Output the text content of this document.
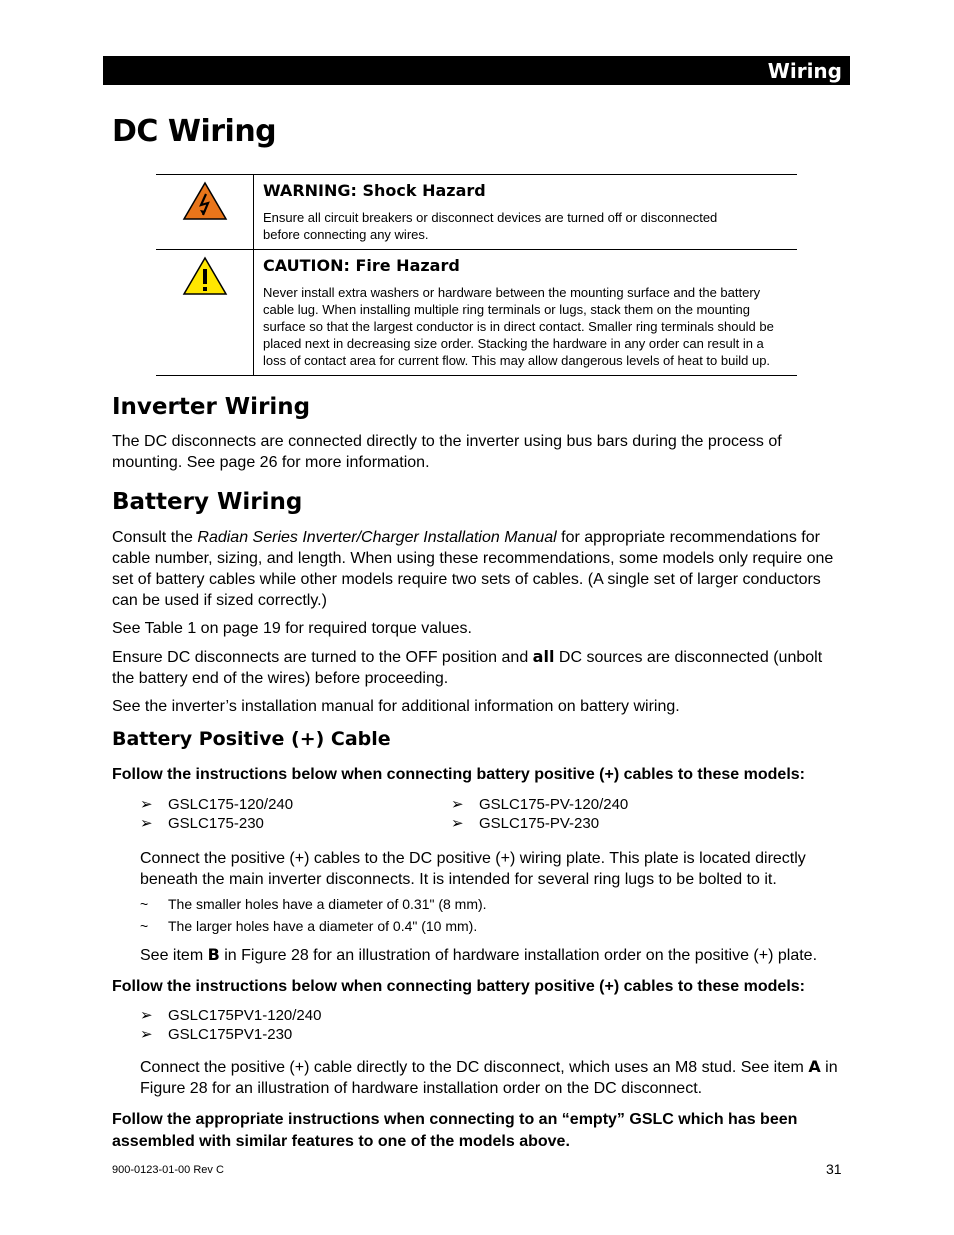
Wiring
DC Wiring

WARNING: Shock Hazard
Ensure all circuit breakers or disconnect devices are turned off or disconnected before connecting any wires.

CAUTION: Fire Hazard
Never install extra washers or hardware between the mounting surface and the battery cable lug. When installing multiple ring terminals or lugs, stack them on the mounting surface so that the largest conductor is in direct contact. Smaller ring terminals should be placed next in decreasing size order. Stacking the hardware in any order can result in a loss of contact area for current flow. This may allow dangerous levels of heat to build up.
Inverter Wiring
The DC disconnects are connected directly to the inverter using bus bars during the process of mounting. See page 26 for more information.
Battery Wiring
Consult the Radian Series Inverter/Charger Installation Manual for appropriate recommendations for cable number, sizing, and length. When using these recommendations, some models only require one set of battery cables while other models require two sets of cables. (A single set of larger conductors can be used if sized correctly.)
See Table 1 on page 19 for required torque values.
Ensure DC disconnects are turned to the OFF position and all DC sources are disconnected (unbolt the battery end of the wires) before proceeding.
See the inverter’s installation manual for additional information on battery wiring.
Battery Positive (+) Cable
Follow the instructions below when connecting battery positive (+) cables to these models:
➢ GSLC175-120/240
➢ GSLC175-230
➢ GSLC175-PV-120/240
➢ GSLC175-PV-230
Connect the positive (+) cables to the DC positive (+) wiring plate. This plate is located directly beneath the main inverter disconnects. It is intended for several ring lugs to be bolted to it.
~ The smaller holes have a diameter of 0.31" (8 mm).
~ The larger holes have a diameter of 0.4" (10 mm).
See item B in Figure 28 for an illustration of hardware installation order on the positive (+) plate.
Follow the instructions below when connecting battery positive (+) cables to these models:
➢ GSLC175PV1-120/240
➢ GSLC175PV1-230
Connect the positive (+) cable directly to the DC disconnect, which uses an M8 stud. See item A in Figure 28 for an illustration of hardware installation order on the DC disconnect.
Follow the appropriate instructions when connecting to an “empty” GSLC which has been assembled with similar features to one of the models above.
900-0123-01-00 Rev C	31
